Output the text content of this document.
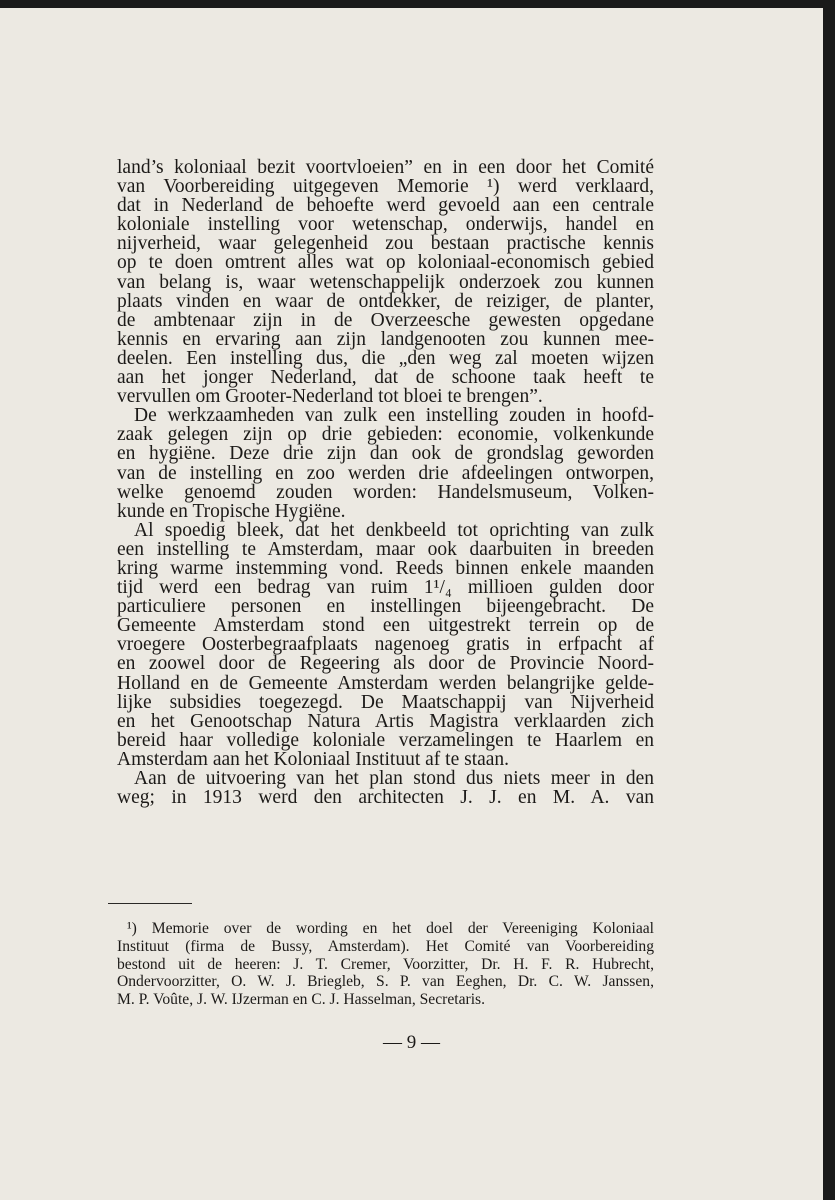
land’s koloniaal bezit voortvloeien” en in een door het Comité
van Voorbereiding uitgegeven Memorie ¹) werd verklaard,
dat in Nederland de behoefte werd gevoeld aan een centrale
koloniale instelling voor wetenschap, onderwijs, handel en
nijverheid, waar gelegenheid zou bestaan practische kennis
op te doen omtrent alles wat op koloniaal-economisch gebied
van belang is, waar wetenschappelijk onderzoek zou kunnen
plaats vinden en waar de ontdekker, de reiziger, de planter,
de ambtenaar zijn in de Overzeesche gewesten opgedane
kennis en ervaring aan zijn landgenooten zou kunnen mee-
deelen. Een instelling dus, die „den weg zal moeten wijzen
aan het jonger Nederland, dat de schoone taak heeft te
vervullen om Grooter-Nederland tot bloei te brengen”.
De werkzaamheden van zulk een instelling zouden in hoofd-
zaak gelegen zijn op drie gebieden: economie, volkenkunde
en hygiëne. Deze drie zijn dan ook de grondslag geworden
van de instelling en zoo werden drie afdeelingen ontworpen,
welke genoemd zouden worden: Handelsmuseum, Volken-
kunde en Tropische Hygiëne.
Al spoedig bleek, dat het denkbeeld tot oprichting van zulk
een instelling te Amsterdam, maar ook daarbuiten in breeden
kring warme instemming vond. Reeds binnen enkele maanden
tijd werd een bedrag van ruim 1¹/₄ millioen gulden door
particuliere personen en instellingen bijeengebracht. De
Gemeente Amsterdam stond een uitgestrekt terrein op de
vroegere Oosterbegraafplaats nagenoeg gratis in erfpacht af
en zoowel door de Regeering als door de Provincie Noord-
Holland en de Gemeente Amsterdam werden belangrijke gelde-
lijke subsidies toegezegd. De Maatschappij van Nijverheid
en het Genootschap Natura Artis Magistra verklaarden zich
bereid haar volledige koloniale verzamelingen te Haarlem en
Amsterdam aan het Koloniaal Instituut af te staan.
Aan de uitvoering van het plan stond dus niets meer in den
weg; in 1913 werd den architecten J. J. en M. A. van
¹) Memorie over de wording en het doel der Vereeniging Koloniaal
Instituut (firma de Bussy, Amsterdam). Het Comité van Voorbereiding
bestond uit de heeren: J. T. Cremer, Voorzitter, Dr. H. F. R. Hubrecht,
Ondervoorzitter, O. W. J. Briegleb, S. P. van Eeghen, Dr. C. W. Janssen,
M. P. Voûte, J. W. IJzerman en C. J. Hasselman, Secretaris.
— 9 —
